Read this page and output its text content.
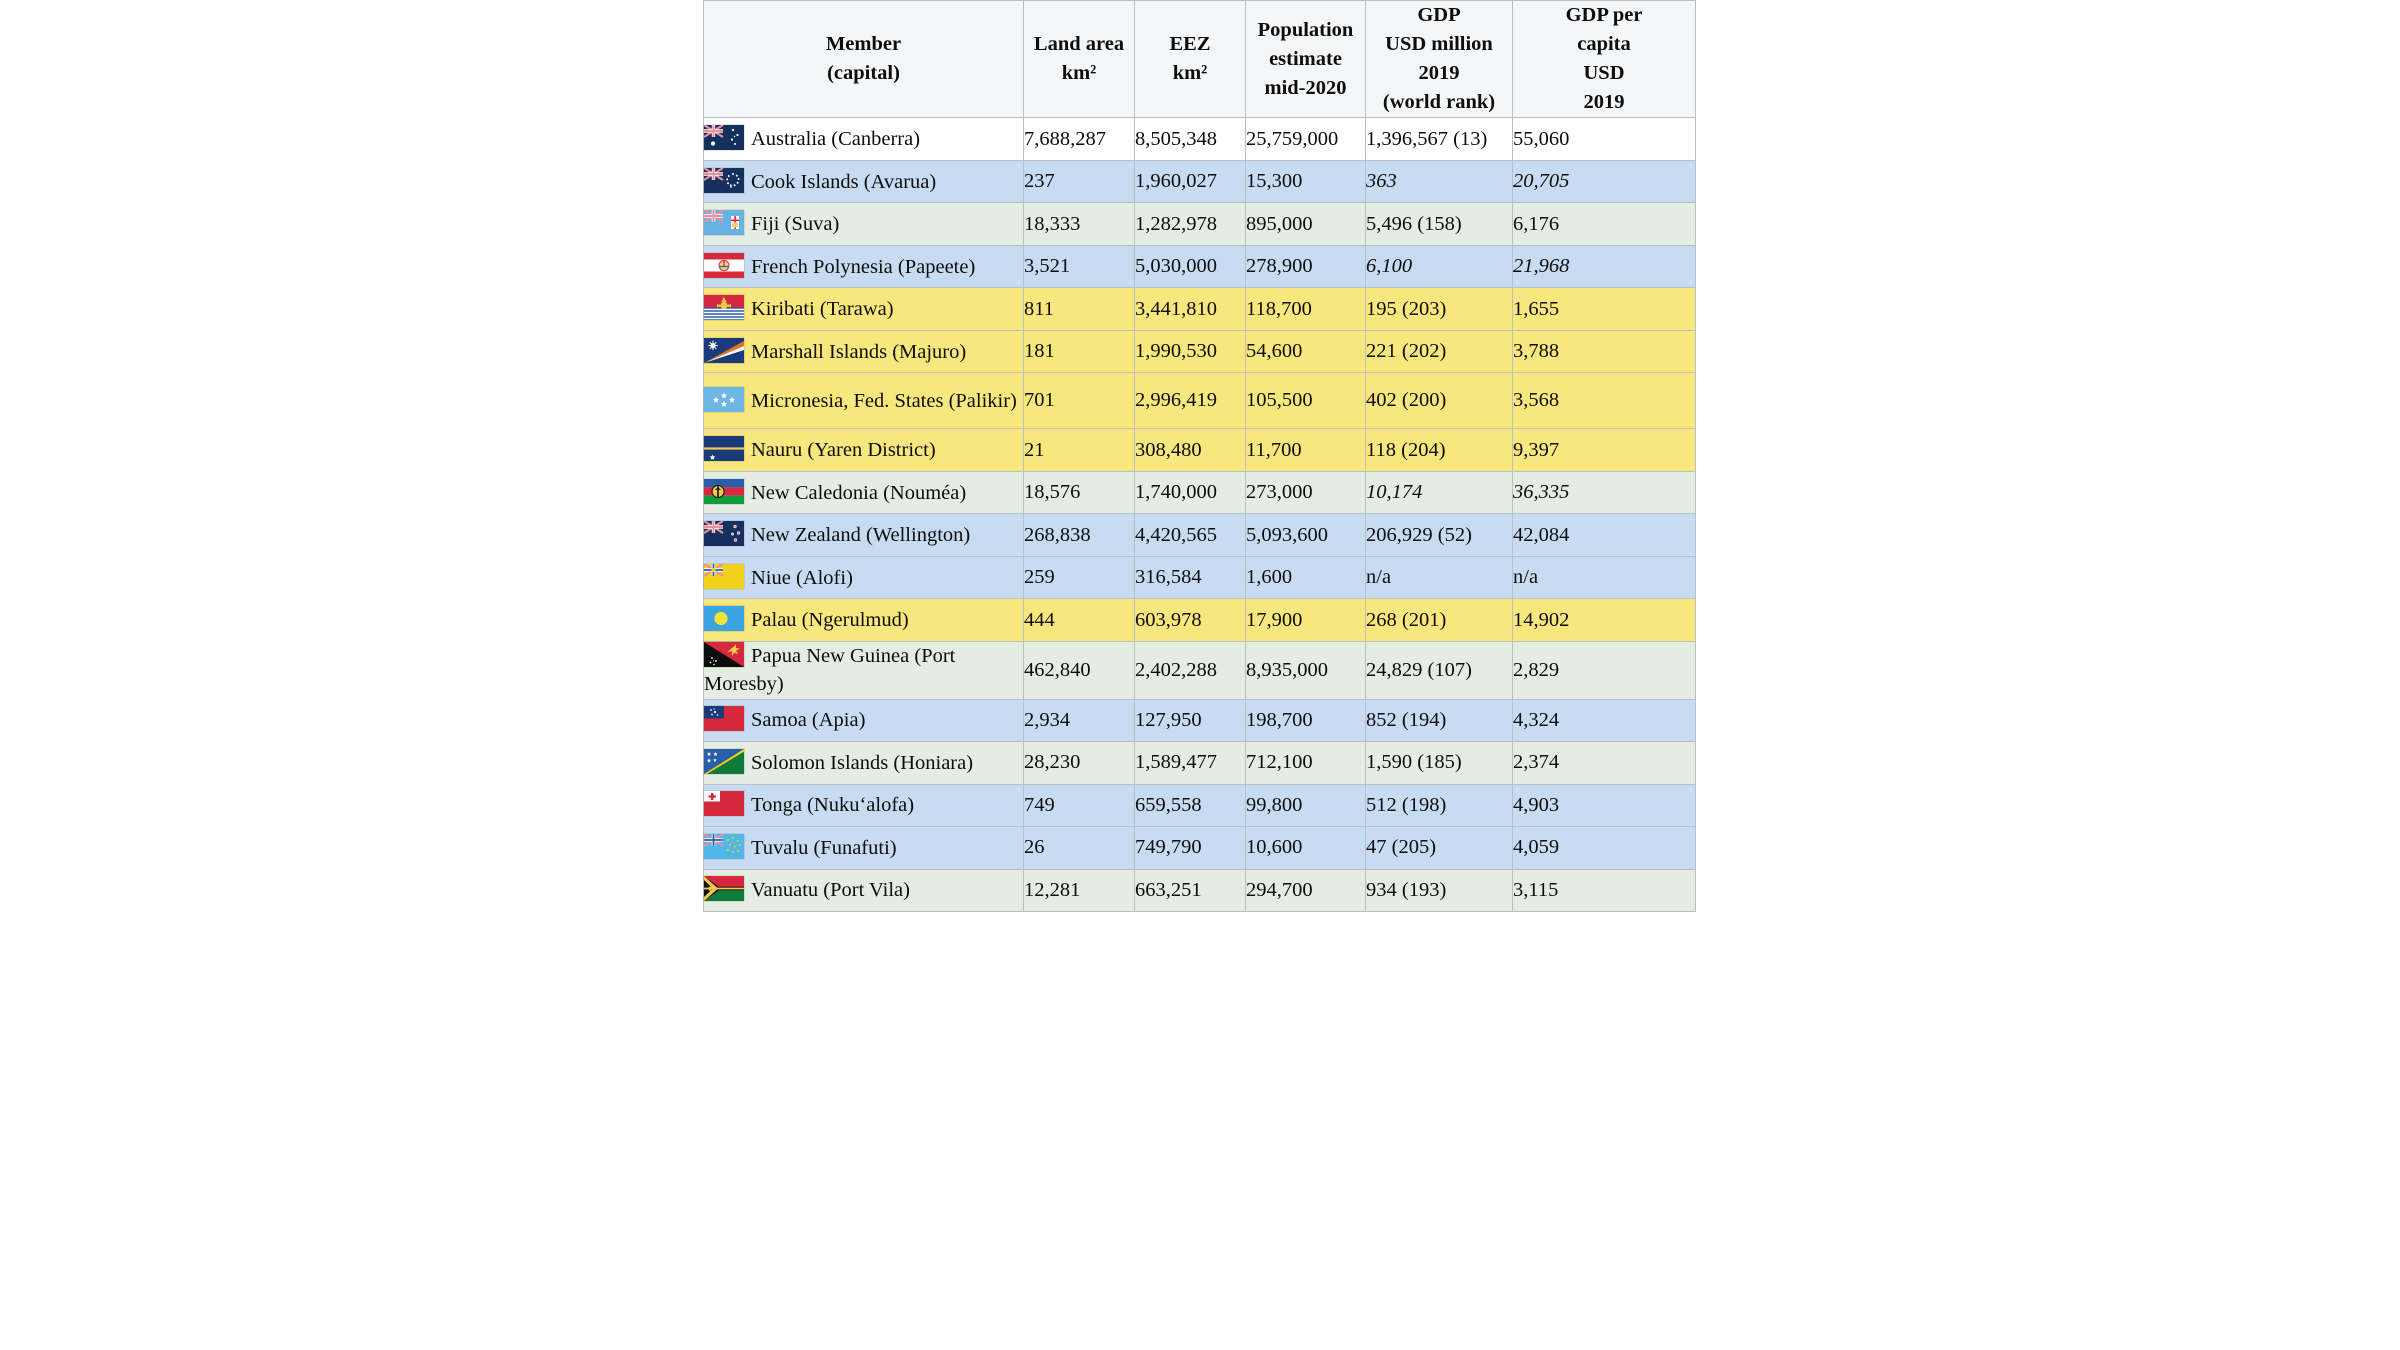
Member
(capital)	Land area
km²	EEZ
km²	Population
estimate
mid-2020	GDP
USD million
2019
(world rank)	GDP per
capita
USD
2019

Australia (Canberra)	7,688,287	8,505,348	25,759,000	1,396,567 (13)	55,060

Cook Islands (Avarua)	237	1,960,027	15,300	363	20,705

Fiji (Suva)	18,333	1,282,978	895,000	5,496 (158)	6,176

French Polynesia (Papeete)	3,521	5,030,000	278,900	6,100	21,968

Kiribati (Tarawa)	811	3,441,810	118,700	195 (203)	1,655

Marshall Islands (Majuro)	181	1,990,530	54,600	221 (202)	3,788

Micronesia, Fed. States (Palikir)	701	2,996,419	105,500	402 (200)	3,568

Nauru (Yaren District)	21	308,480	11,700	118 (204)	9,397

New Caledonia (Nouméa)	18,576	1,740,000	273,000	10,174	36,335

New Zealand (Wellington)	268,838	4,420,565	5,093,600	206,929 (52)	42,084

Niue (Alofi)	259	316,584	1,600	n/a	n/a

Palau (Ngerulmud)	444	603,978	17,900	268 (201)	14,902

Papua New Guinea (Port Moresby)	462,840	2,402,288	8,935,000	24,829 (107)	2,829

Samoa (Apia)	2,934	127,950	198,700	852 (194)	4,324

Solomon Islands (Honiara)	28,230	1,589,477	712,100	1,590 (185)	2,374

Tonga (Nuku‘alofa)	749	659,558	99,800	512 (198)	4,903

Tuvalu (Funafuti)	26	749,790	10,600	47 (205)	4,059

Vanuatu (Port Vila)	12,281	663,251	294,700	934 (193)	3,115
